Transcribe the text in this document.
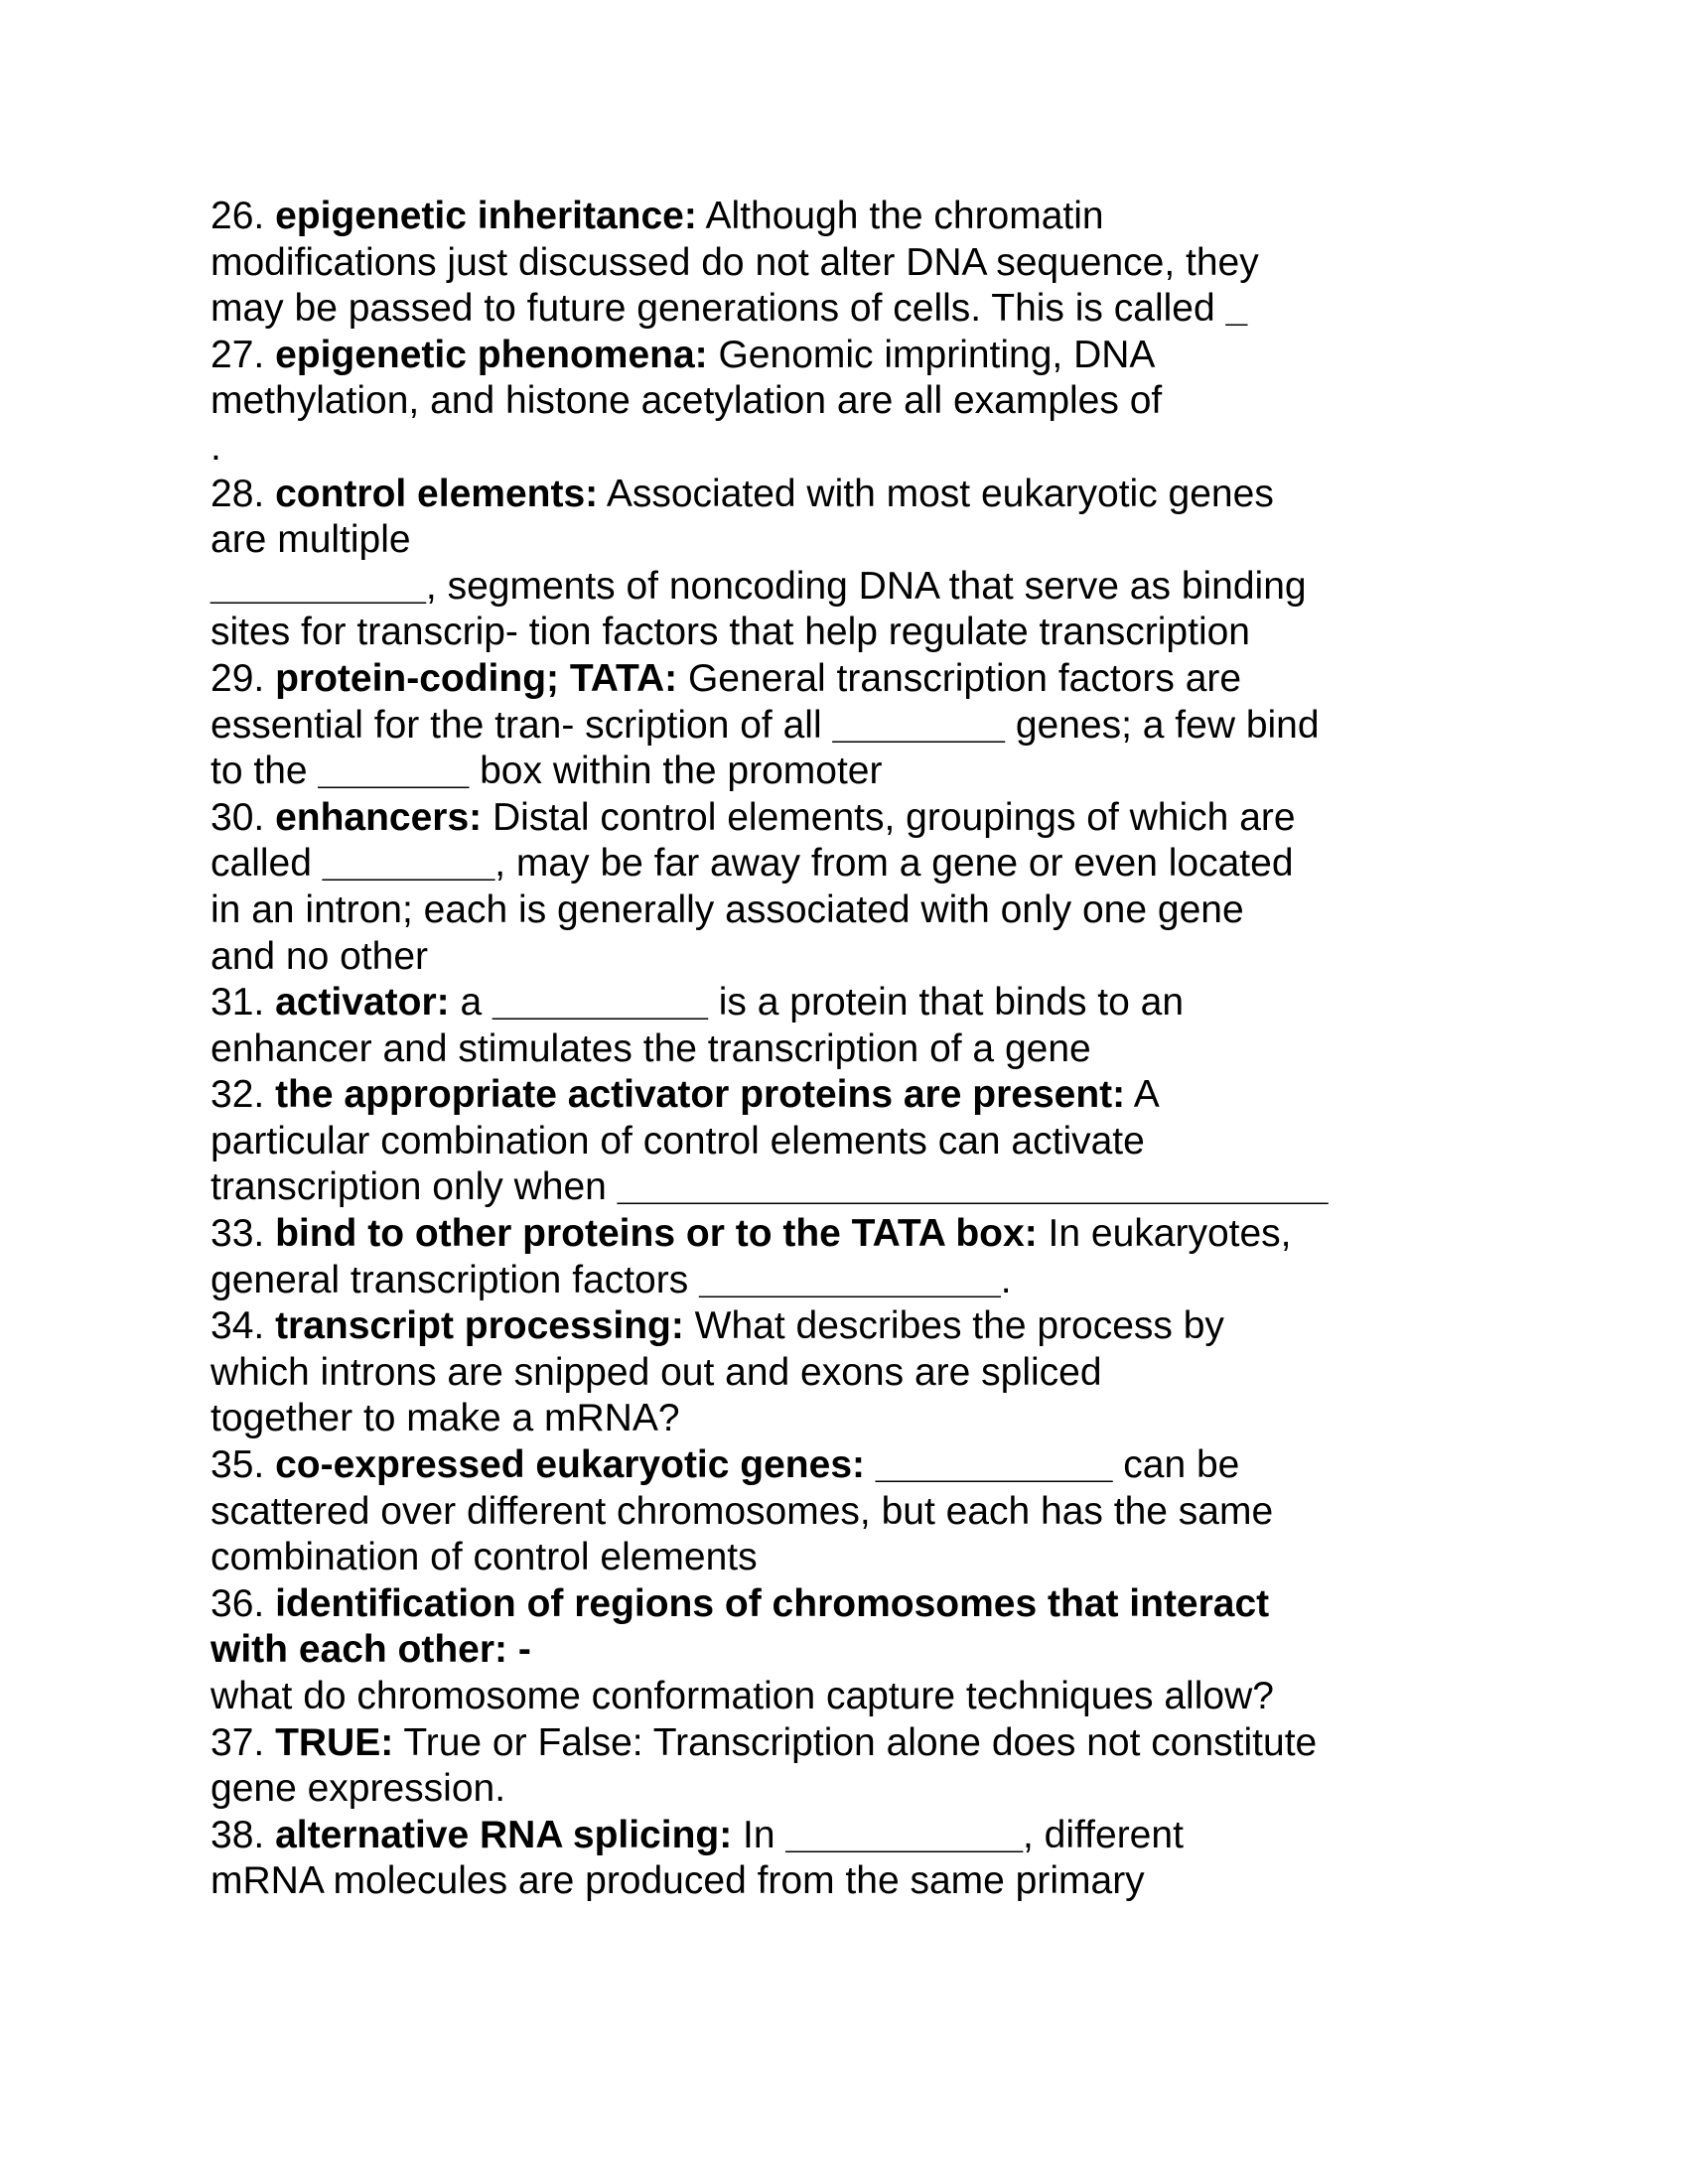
26. epigenetic inheritance: Although the chromatin
modifications just discussed do not alter DNA sequence, they
may be passed to future generations of cells. This is called _
27. epigenetic phenomena: Genomic imprinting, DNA
methylation, and histone acetylation are all examples of
.
28. control elements: Associated with most eukaryotic genes
are multiple
__________, segments of noncoding DNA that serve as binding
sites for transcrip- tion factors that help regulate transcription
29. protein-coding; TATA: General transcription factors are
essential for the tran- scription of all ________ genes; a few bind
to the _______ box within the promoter
30. enhancers: Distal control elements, groupings of which are
called ________, may be far away from a gene or even located
in an intron; each is generally associated with only one gene
and no other
31. activator: a __________ is a protein that binds to an
enhancer and stimulates the transcription of a gene
32. the appropriate activator proteins are present: A
particular combination of control elements can activate
transcription only when _________________________________
33. bind to other proteins or to the TATA box: In eukaryotes,
general transcription factors ______________.
34. transcript processing: What describes the process by
which introns are snipped out and exons are spliced
together to make a mRNA?
35. co-expressed eukaryotic genes: ___________ can be
scattered over different chromosomes, but each has the same
combination of control elements
36. identification of regions of chromosomes that interact
with each other: -
what do chromosome conformation capture techniques allow?
37. TRUE: True or False: Transcription alone does not constitute
gene expression.
38. alternative RNA splicing: In ___________, different
mRNA molecules are produced from the same primary
